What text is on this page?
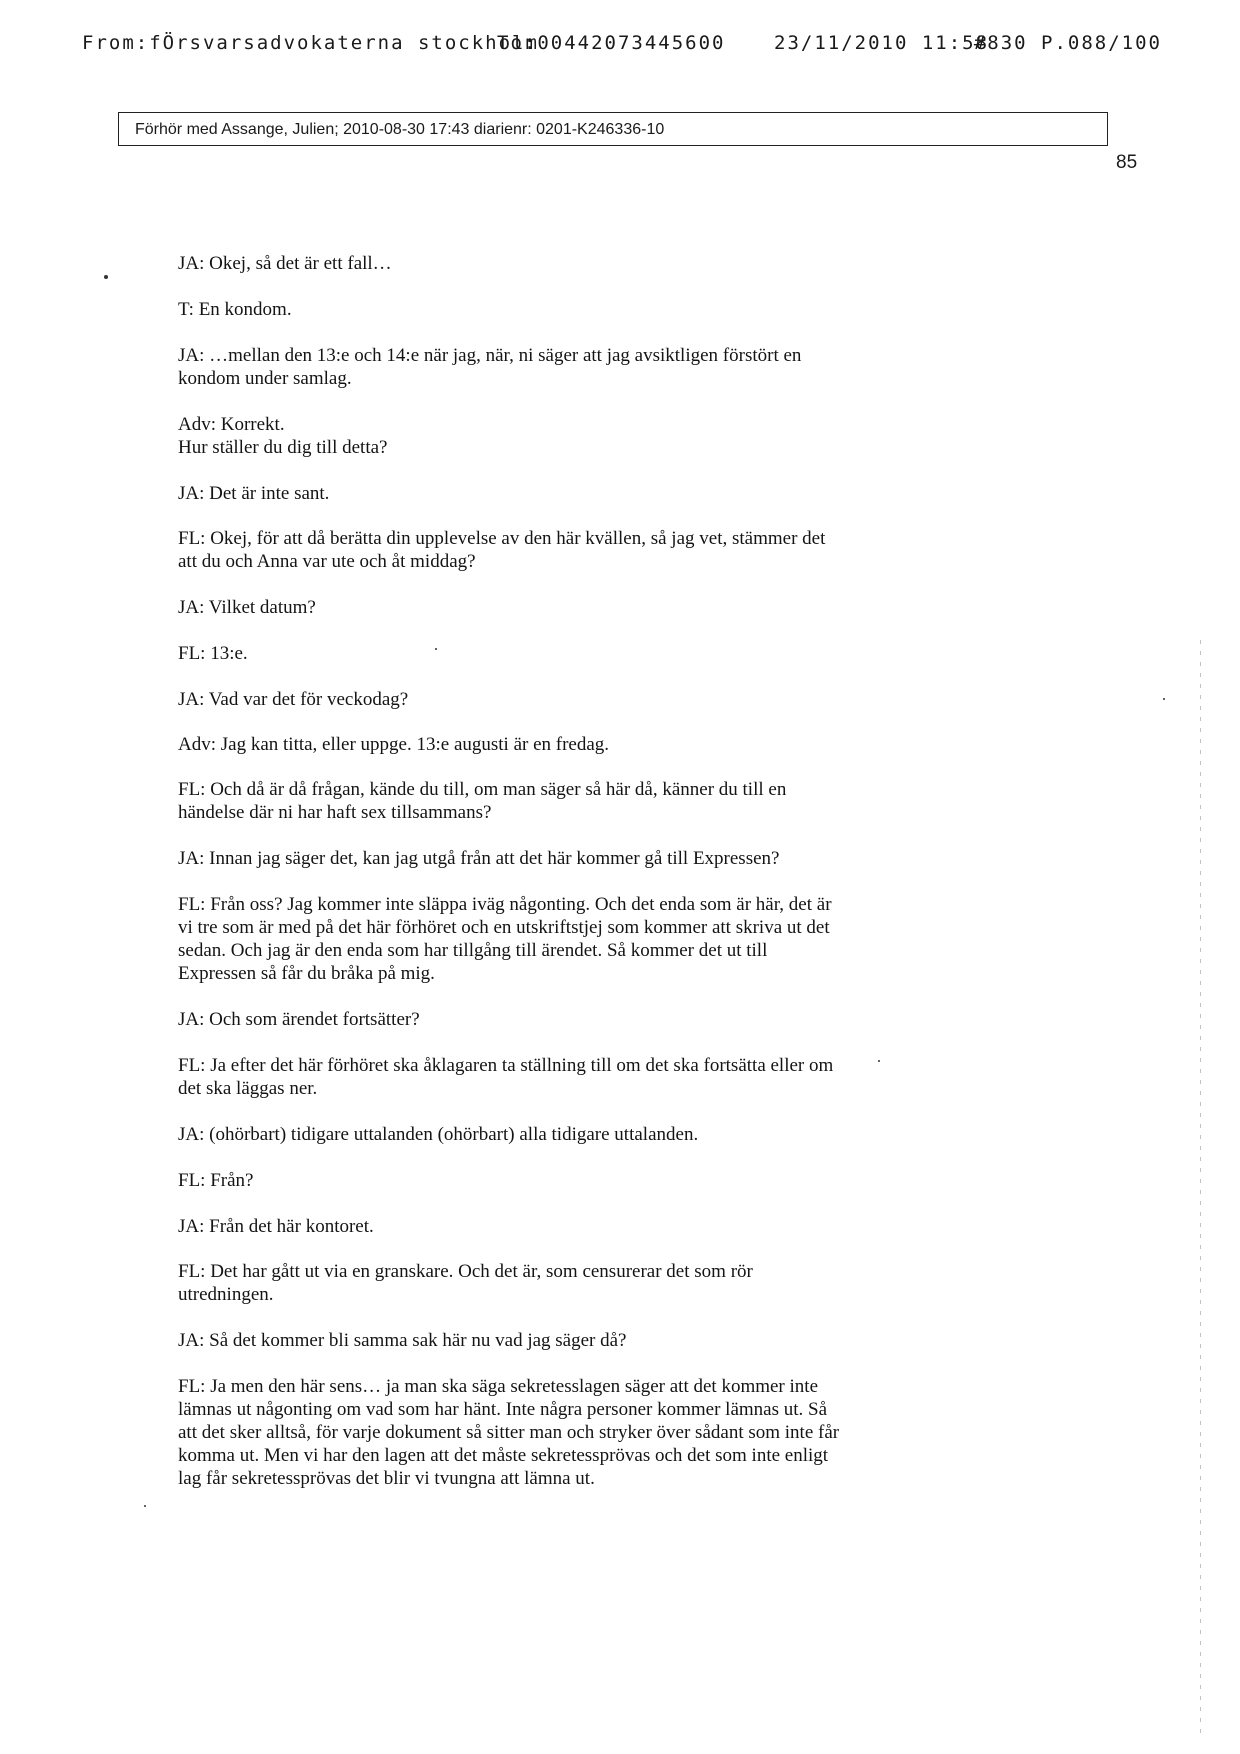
From:fÖrsvarsadvokaterna stockholm
To:00442073445600	23/11/2010 11:58
#830 P.088/100
Förhör med Assange, Julien; 2010-08-30 17:43 diarienr: 0201-K246336-10
85

JA: Okej, så det är ett fall…

T: En kondom.

JA: …mellan den 13:e och 14:e när jag, när, ni säger att jag avsiktligen förstört en
kondom under samlag.

Adv: Korrekt.
Hur ställer du dig till detta?

JA: Det är inte sant.

FL: Okej, för att då berätta din upplevelse av den här kvällen, så jag vet, stämmer det
att du och Anna var ute och åt middag?

JA: Vilket datum?

FL: 13:e.

JA: Vad var det för veckodag?

Adv: Jag kan titta, eller uppge. 13:e augusti är en fredag.

FL: Och då är då frågan, kände du till, om man säger så här då, känner du till en
händelse där ni har haft sex tillsammans?

JA: Innan jag säger det, kan jag utgå från att det här kommer gå till Expressen?

FL: Från oss? Jag kommer inte släppa iväg någonting. Och det enda som är här, det är
vi tre som är med på det här förhöret och en utskriftstjej som kommer att skriva ut det
sedan. Och jag är den enda som har tillgång till ärendet. Så kommer det ut till
Expressen så får du bråka på mig.

JA: Och som ärendet fortsätter?

FL: Ja efter det här förhöret ska åklagaren ta ställning till om det ska fortsätta eller om
det ska läggas ner.

JA: (ohörbart) tidigare uttalanden (ohörbart) alla tidigare uttalanden.

FL: Från?

JA: Från det här kontoret.

FL: Det har gått ut via en granskare. Och det är, som censurerar det som rör
utredningen.

JA: Så det kommer bli samma sak här nu vad jag säger då?

FL: Ja men den här sens… ja man ska säga sekretesslagen säger att det kommer inte
lämnas ut någonting om vad som har hänt. Inte några personer kommer lämnas ut. Så
att det sker alltså, för varje dokument så sitter man och stryker över sådant som inte får
komma ut. Men vi har den lagen att det måste sekretessprövas och det som inte enligt
lag får sekretessprövas det blir vi tvungna att lämna ut.
